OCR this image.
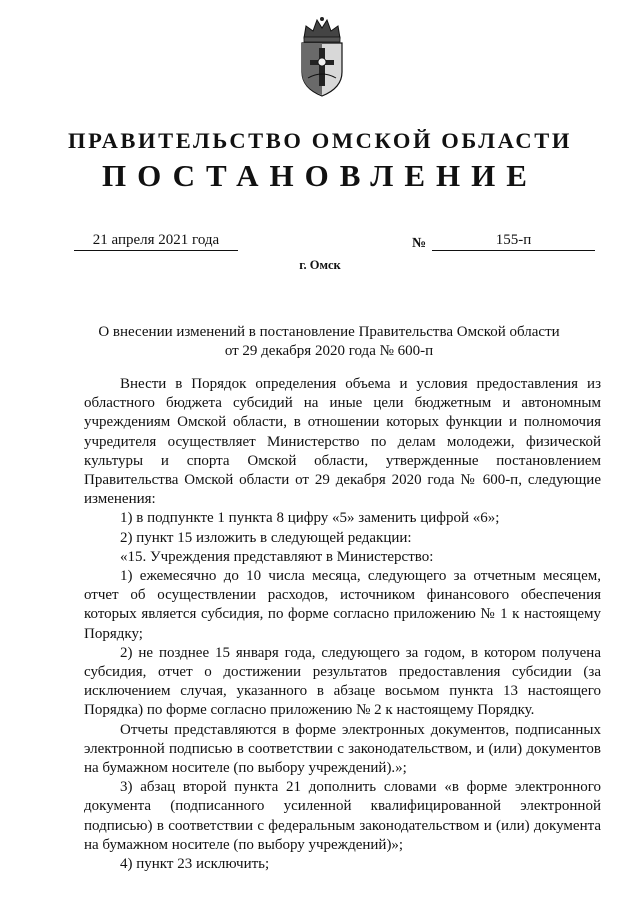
ПРАВИТЕЛЬСТВО ОМСКОЙ ОБЛАСТИ
ПОСТАНОВЛЕНИЕ
21 апреля 2021 года	№	155-п
г. Омск
О внесении изменений в постановление Правительства Омской области
от 29 декабря 2020 года № 600-п

Внести в Порядок определения объема и условия предоставления из областного бюджета субсидий на иные цели бюджетным и автономным учреждениям Омской области, в отношении которых функции и полномочия учредителя осуществляет Министерство по делам молодежи, физической культуры и спорта Омской области, утвержденные постановлением Правительства Омской области от 29 декабря 2020 года № 600-п, следующие изменения:

1) в подпункте 1 пункта 8 цифру «5» заменить цифрой «6»;

2) пункт 15 изложить в следующей редакции:

«15. Учреждения представляют в Министерство:

1) ежемесячно до 10 числа месяца, следующего за отчетным месяцем, отчет об осуществлении расходов, источником финансового обеспечения которых является субсидия, по форме согласно приложению № 1 к настоящему Порядку;

2) не позднее 15 января года, следующего за годом, в котором получена субсидия, отчет о достижении результатов предоставления субсидии (за исключением случая, указанного в абзаце восьмом пункта 13 настоящего Порядка) по форме согласно приложению № 2 к настоящему Порядку.

Отчеты представляются в форме электронных документов, подписанных электронной подписью в соответствии с законодательством, и (или) документов на бумажном носителе (по выбору учреждений).»;

3) абзац второй пункта 21 дополнить словами «в форме электронного документа (подписанного усиленной квалифицированной электронной подписью) в соответствии с федеральным законодательством и (или) документа на бумажном носителе (по выбору учреждений)»;

4) пункт 23 исключить;
